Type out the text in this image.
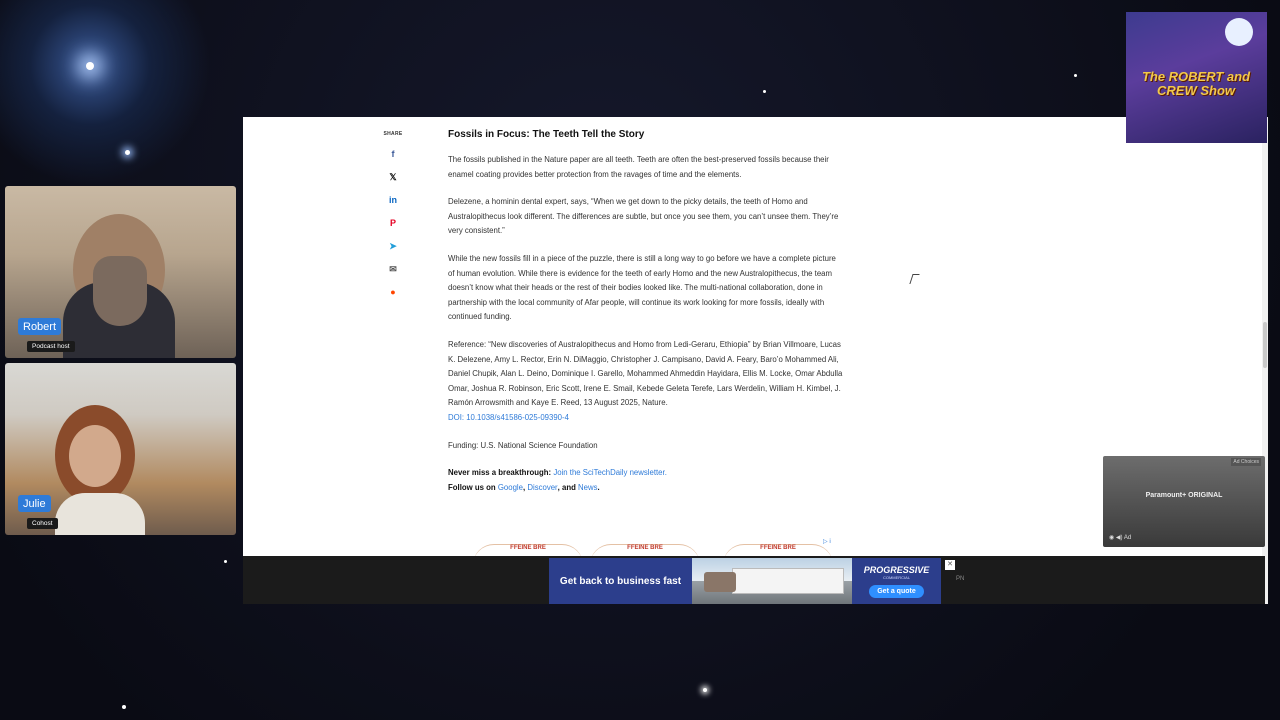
SHARE
f
𝕏
in
P
➤
✉
●
Fossils in Focus: The Teeth Tell the Story

The fossils published in the Nature paper are all teeth. Teeth are often the best-preserved fossils because their enamel coating provides better protection from the ravages of time and the elements.

Delezene, a hominin dental expert, says, “When we get down to the picky details, the teeth of Homo and Australopithecus look different. The differences are subtle, but once you see them, you can’t unsee them. They’re very consistent.”

While the new fossils fill in a piece of the puzzle, there is still a long way to go before we have a complete picture of human evolution. While there is evidence for the teeth of early Homo and the new Australopithecus, the team doesn’t know what their heads or the rest of their bodies looked like. The multi-national collaboration, done in partnership with the local community of Afar people, will continue its work looking for more fossils, ideally with continued funding.

Reference: “New discoveries of Australopithecus and Homo from Ledi-Geraru, Ethiopia” by Brian Villmoare, Lucas K. Delezene, Amy L. Rector, Erin N. DiMaggio, Christopher J. Campisano, David A. Feary, Baro’o Mohammed Ali, Daniel Chupik, Alan L. Deino, Dominique I. Garello, Mohammed Ahmeddin Hayidara, Ellis M. Locke, Omar Abdulla Omar, Joshua R. Robinson, Eric Scott, Irene E. Smail, Kebede Geleta Terefe, Lars Werdelin, William H. Kimbel, J. Ramón Arrowsmith and Kaye E. Reed, 13 August 2025, Nature.
DOI: 10.1038/s41586-025-09390-4

Funding: U.S. National Science Foundation

Never miss a breakthrough: Join the SciTechDaily newsletter.
Follow us on Google, Discover, and News.

FFEINE BRE	FFEINE BRE	FFEINE BRE
▷ ⅰ
Get back to business fast
PROGRESSIVE
COMMERCIAL
Get a quote
✕
PN
Robert
Podcast host
Julie
Cohost
The ROBERT and CREW Show
Ad Choices
Paramount+ ORIGINAL
◉ ◀) Ad
